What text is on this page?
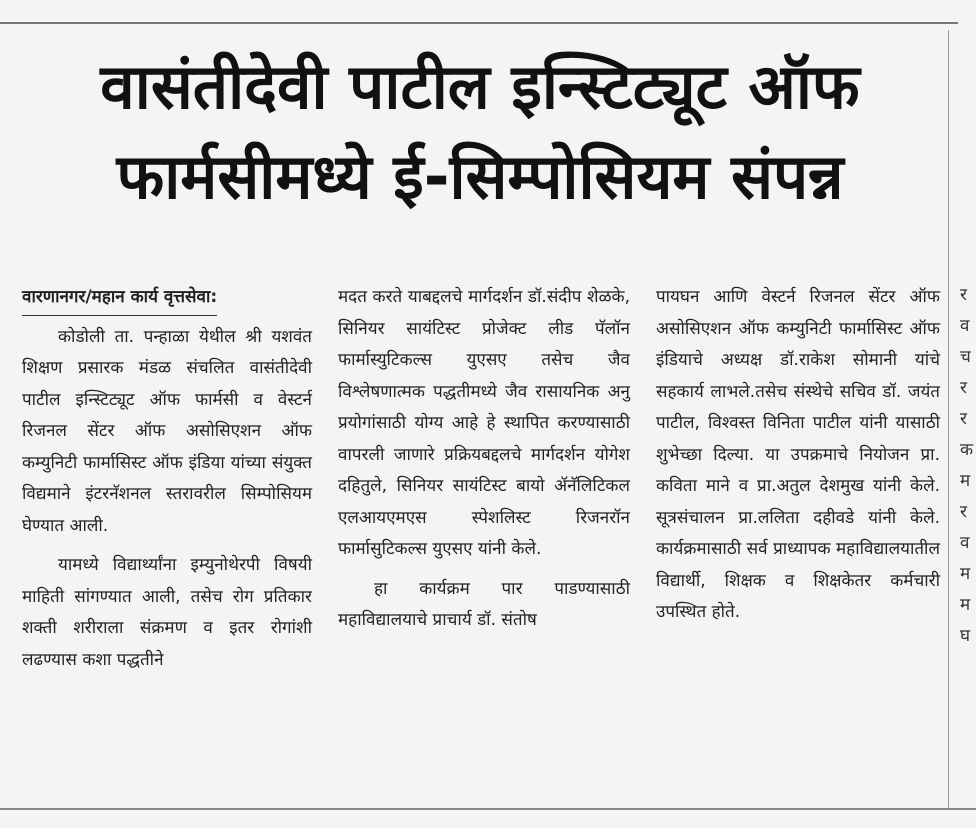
वासंतीदेवी पाटील इन्स्टिट्यूट ऑफ
फार्मसीमध्ये ई-सिम्पोसियम संपन्न
वारणानगर/महान कार्य वृत्तसेवा:

कोडोली ता. पन्हाळा येथील श्री यशवंत शिक्षण प्रसारक मंडळ संचलित वासंतीदेवी पाटील इन्स्टिट्यूट ऑफ फार्मसी व वेस्टर्न रिजनल सेंटर ऑफ असोसिएशन ऑफ कम्युनिटी फार्मासिस्ट ऑफ इंडिया यांच्या संयुक्त विद्यमाने इंटरनॅशनल स्तरावरील सिम्पोसियम घेण्यात आली.

यामध्ये विद्यार्थ्यांना इम्युनोथेरपी विषयी माहिती सांगण्यात आली, तसेच रोग प्रतिकार शक्ती शरीराला संक्रमण व इतर रोगांशी लढण्यास कशा पद्धतीने

मदत करते याबद्दलचे मार्गदर्शन डॉ.संदीप शेळके, सिनियर सायंटिस्ट प्रोजेक्ट लीड पॅलॉन फार्मास्युटिकल्स युएसए तसेच जैव विश्लेषणात्मक पद्धतीमध्ये जैव रासायनिक अनु प्रयोगांसाठी योग्य आहे हे स्थापित करण्यासाठी वापरली जाणारे प्रक्रियबद्दलचे मार्गदर्शन योगेश दहितुले, सिनियर सायंटिस्ट बायो ॲनॅलिटिकल एलआयएमएस स्पेशलिस्ट रिजनरॉन फार्मासुटिकल्स युएसए यांनी केले.

हा कार्यक्रम पार पाडण्यासाठी महाविद्यालयाचे प्राचार्य डॉ. संतोष

पायघन आणि वेस्टर्न रिजनल सेंटर ऑफ असोसिएशन ऑफ कम्युनिटी फार्मासिस्ट ऑफ इंडियाचे अध्यक्ष डॉ.राकेश सोमानी यांचे सहकार्य लाभले.तसेच संस्थेचे सचिव डॉ. जयंत पाटील, विश्वस्त विनिता पाटील यांनी यासाठी शुभेच्छा दिल्या. या उपक्रमाचे नियोजन प्रा. कविता माने व प्रा.अतुल देशमुख यांनी केले. सूत्रसंचालन प्रा.ललिता दहीवडे यांनी केले. कार्यक्रमासाठी सर्व प्राध्यापक महाविद्यालयातील विद्यार्थी, शिक्षक व शिक्षकेतर कर्मचारी उपस्थित होते.

र
व
च
र
र
क
म
र
व
म
म
घ
